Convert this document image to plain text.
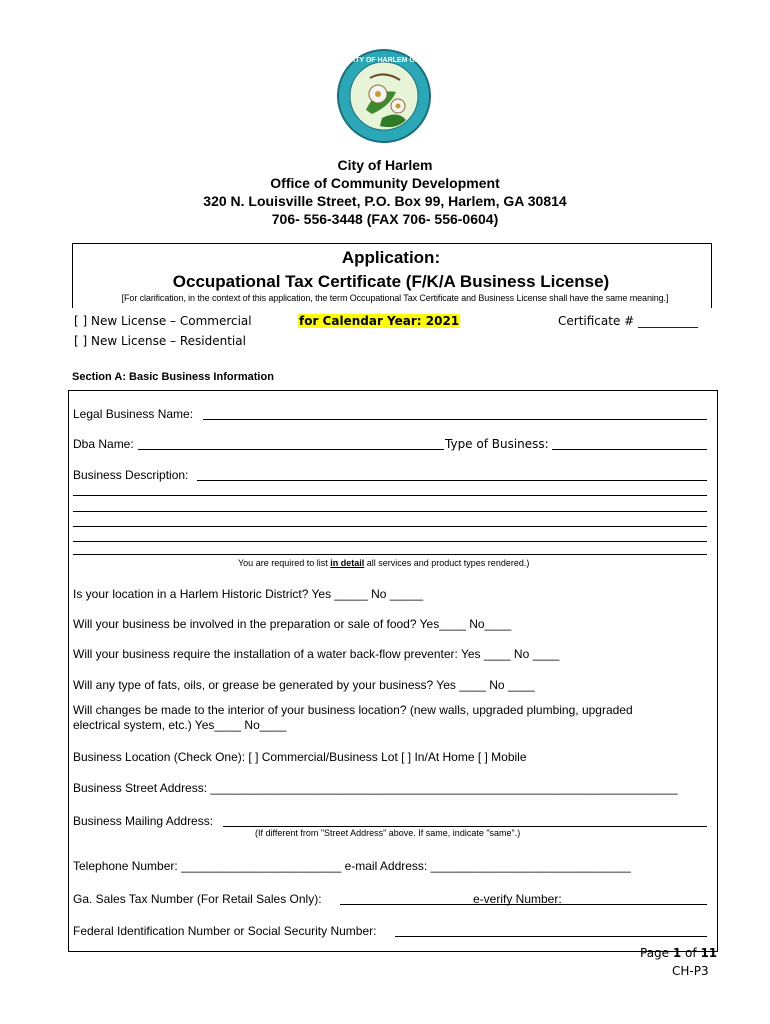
CITY OF HARLEM GA
City of Harlem
Office of Community Development
320 N. Louisville Street, P.O. Box 99, Harlem, GA 30814
706- 556-3448 (FAX 706- 556-0604)
Application:
Occupational Tax Certificate (F/K/A Business License)
[For clarification, in the context of this application, the term Occupational Tax Certificate and Business License shall have the same meaning.]
[ ] New License – Commercial	for Calendar Year: 2021	Certificate # __________
[ ] New License – Residential
Section A: Basic Business Information
Legal Business Name:
Dba Name:	Type of Business:
Business Description:
You are required to list in detail all services and product types rendered.)
Is your location in a Harlem Historic District? Yes _____ No _____
Will your business be involved in the preparation or sale of food? Yes____ No____
Will your business require the installation of a water back-flow preventer: Yes ____ No ____
Will any type of fats, oils, or grease be generated by your business? Yes ____ No ____
Will changes be made to the interior of your business location? (new walls, upgraded plumbing, upgraded
electrical system, etc.) Yes____ No____
Business Location (Check One): [ ] Commercial/Business Lot [ ] In/At Home [ ] Mobile
Business Street Address: ______________________________________________________________________
Business Mailing Address:
(If different from "Street Address" above. If same, indicate "same".)
Telephone Number: ________________________ e-mail Address: ______________________________
Ga. Sales Tax Number (For Retail Sales Only):	e-verify Number:
Federal Identification Number or Social Security Number:
Page 1 of 11
CH-P3
